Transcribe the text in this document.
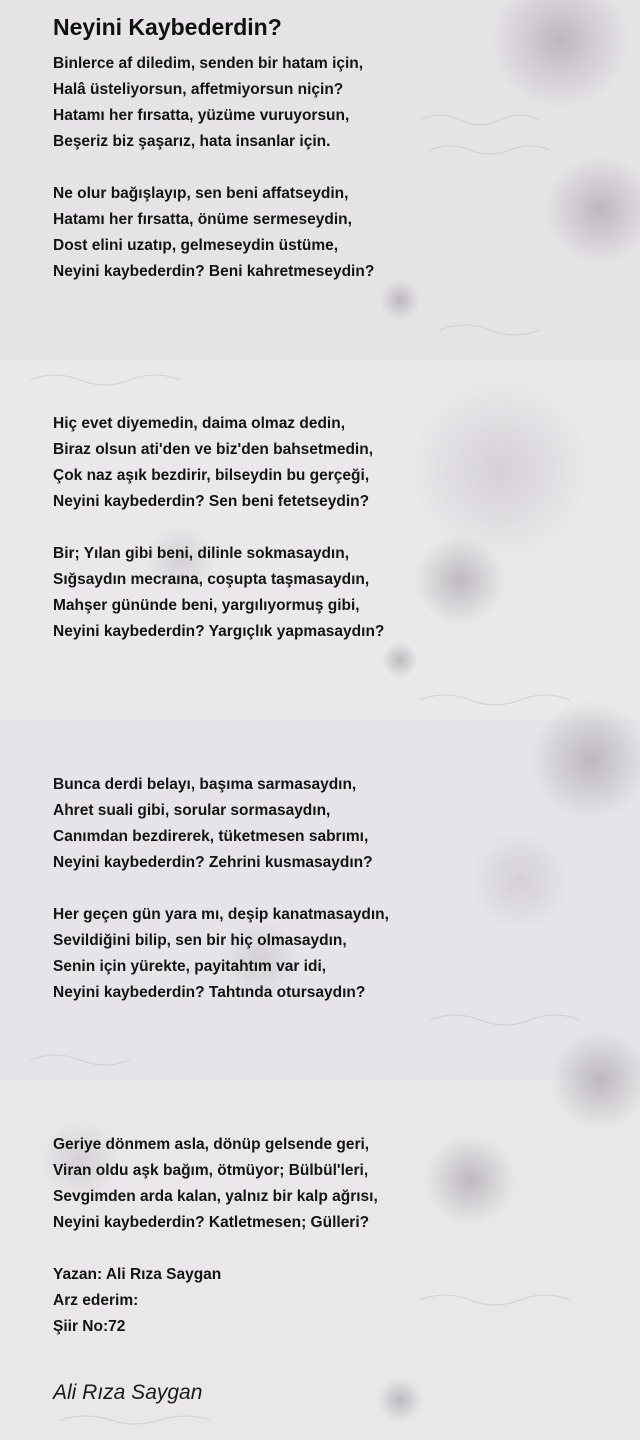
Neyini Kaybederdin?
Binlerce af diledim, senden bir hatam için,
Halâ üsteliyorsun, affetmiyorsun niçin?
Hatamı her fırsatta, yüzüme vuruyorsun,
Beşeriz biz şaşarız, hata insanlar için.
Ne olur bağışlayıp, sen beni affatseydin,
Hatamı her fırsatta, önüme sermeseydin,
Dost elini uzatıp, gelmeseydin üstüme,
Neyini kaybederdin? Beni kahretmeseydin?
Hiç evet diyemedin, daima olmaz dedin,
Biraz olsun ati'den ve biz'den bahsetmedin,
Çok naz aşık bezdirir, bilseydin bu gerçeği,
Neyini kaybederdin? Sen beni fetetseydin?
Bir; Yılan gibi beni, dilinle sokmasaydın,
Sığsaydın mecraına, coşupta taşmasaydın,
Mahşer gününde beni, yargılıyormuş gibi,
Neyini kaybederdin? Yargıçlık yapmasaydın?
Bunca derdi belayı, başıma sarmasaydın,
Ahret suali gibi, sorular sormasaydın,
Canımdan bezdirerek, tüketmesen sabrımı,
Neyini kaybederdin? Zehrini kusmasaydın?
Her geçen gün yara mı, deşip kanatmasaydın,
Sevildiğini bilip, sen bir hiç olmasaydın,
Senin için yürekte, payitahtım var idi,
Neyini kaybederdin? Tahtında otursaydın?
Geriye dönmem asla, dönüp gelsende geri,
Viran oldu aşk bağım, ötmüyor; Bülbül'leri,
Sevgimden arda kalan, yalnız bir kalp ağrısı,
Neyini kaybederdin? Katletmesen; Gülleri?
Yazan: Ali Rıza Saygan
Arz ederim:
Şiir No:72
Ali Rıza Saygan
